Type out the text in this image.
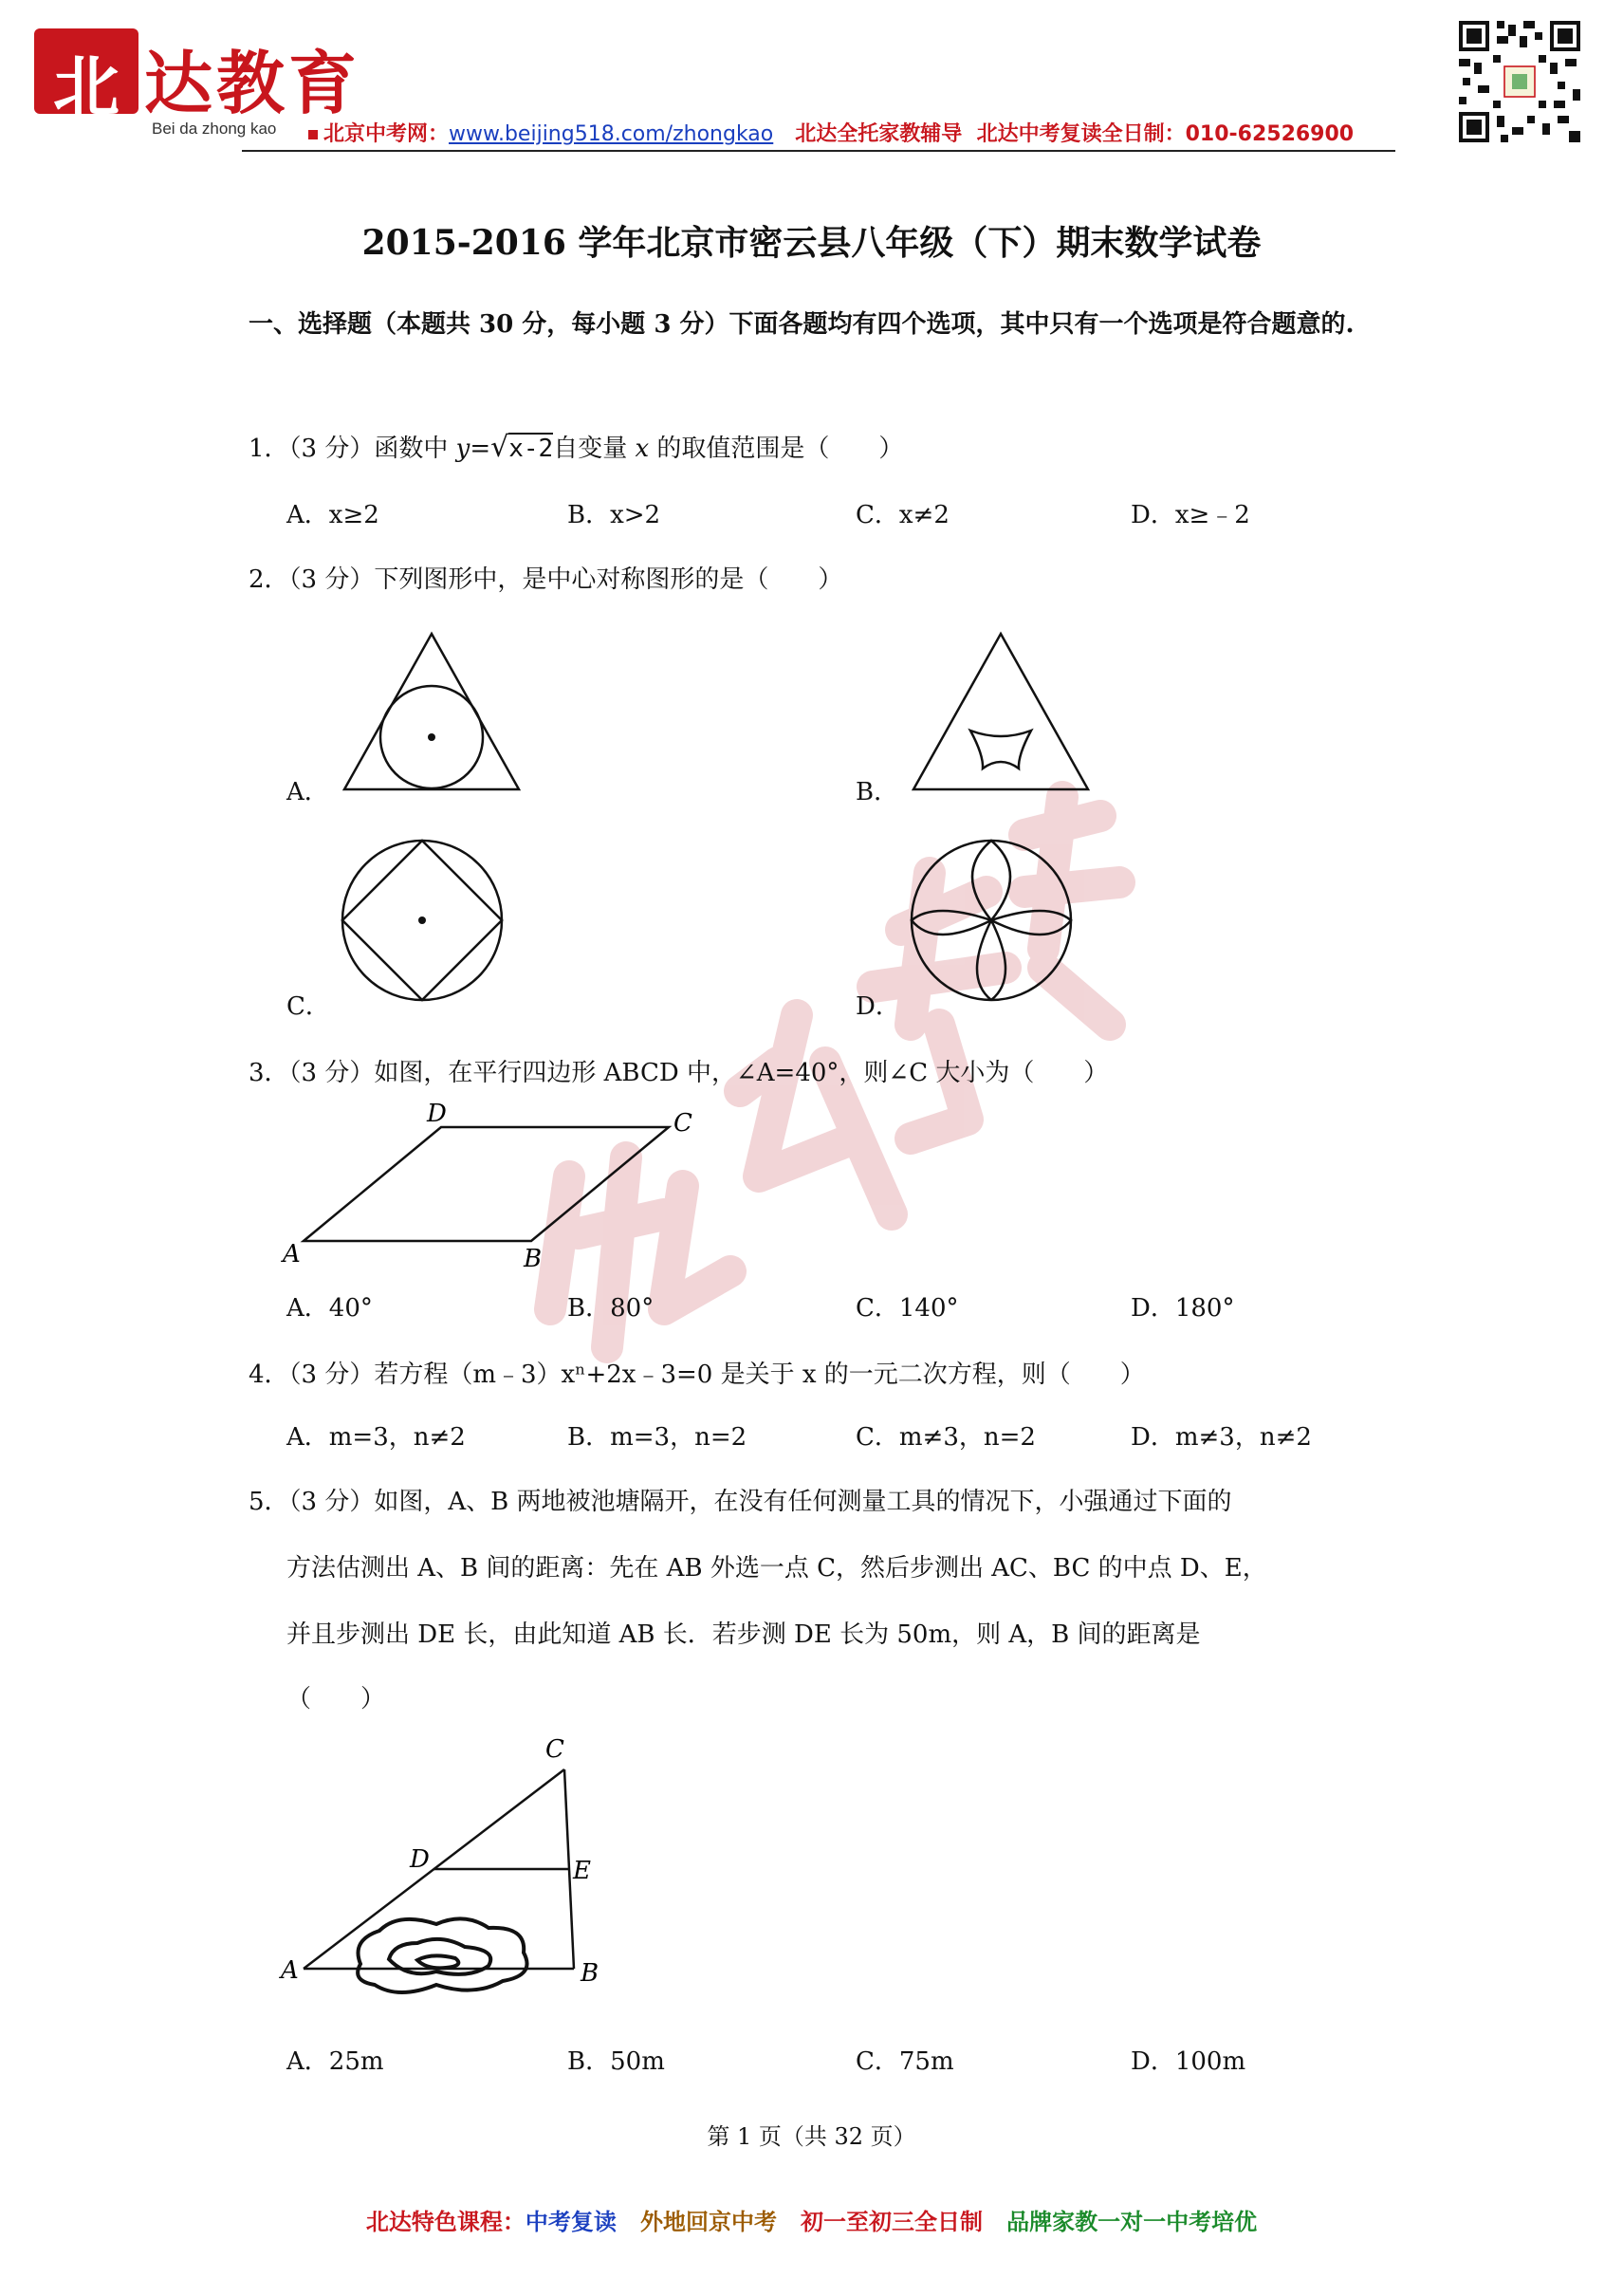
北 达教育
Bei da zhong kao	北京中考网：www.beijing518.com/zhongkao 北达全托家教辅导 北达中考复读全日制：010-62526900
2015-2016 学年北京市密云县八年级（下）期末数学试卷
一、选择题（本题共 30 分，每小题 3 分）下面各题均有四个选项，其中只有一个选项是符合题意的.
1．（3 分）函数中 y=√x-2自变量 x 的取值范围是（　　）
A．x≥2	B．x>2	C．x≠2	D．x≥﹣2
2．（3 分）下列图形中，是中心对称图形的是（　　）
A．	B．
C．	D．
3．（3 分）如图，在平行四边形 ABCD 中，∠A=40°，则∠C 大小为（　　）
D	C
A	B
A．40°	B．80°	C．140°	D．180°
4．（3 分）若方程（m﹣3）xⁿ+2x﹣3=0 是关于 x 的一元二次方程，则（　　）
A．m=3，n≠2	B．m=3，n=2	C．m≠3，n=2	D．m≠3，n≠2
5．（3 分）如图，A、B 两地被池塘隔开，在没有任何测量工具的情况下，小强通过下面的
方法估测出 A、B 间的距离：先在 AB 外选一点 C，然后步测出 AC、BC 的中点 D、E，
并且步测出 DE 长，由此知道 AB 长．若步测 DE 长为 50m，则 A，B 间的距离是
（　　）
C
D	E
A	B
A．25m	B．50m	C．75m	D．100m
第 1 页（共 32 页）
北达特色课程：中考复读 外地回京中考 初一至初三全日制 品牌家教一对一中考培优
